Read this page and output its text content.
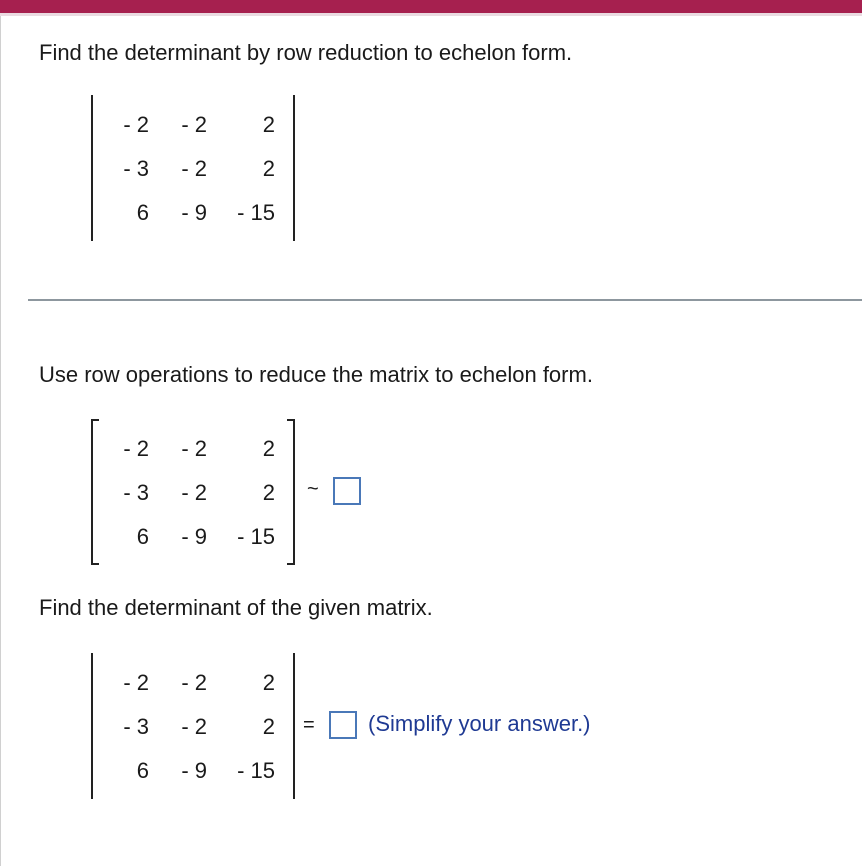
Find the determinant by row reduction to echelon form.
- 2	- 2	2
- 3	- 2	2
6	- 9	- 15
Use row operations to reduce the matrix to echelon form.
- 2	- 2	2
- 3	- 2	2
6	- 9	- 15
~
Find the determinant of the given matrix.
- 2	- 2	2
- 3	- 2	2
6	- 9	- 15
= (Simplify your answer.)
